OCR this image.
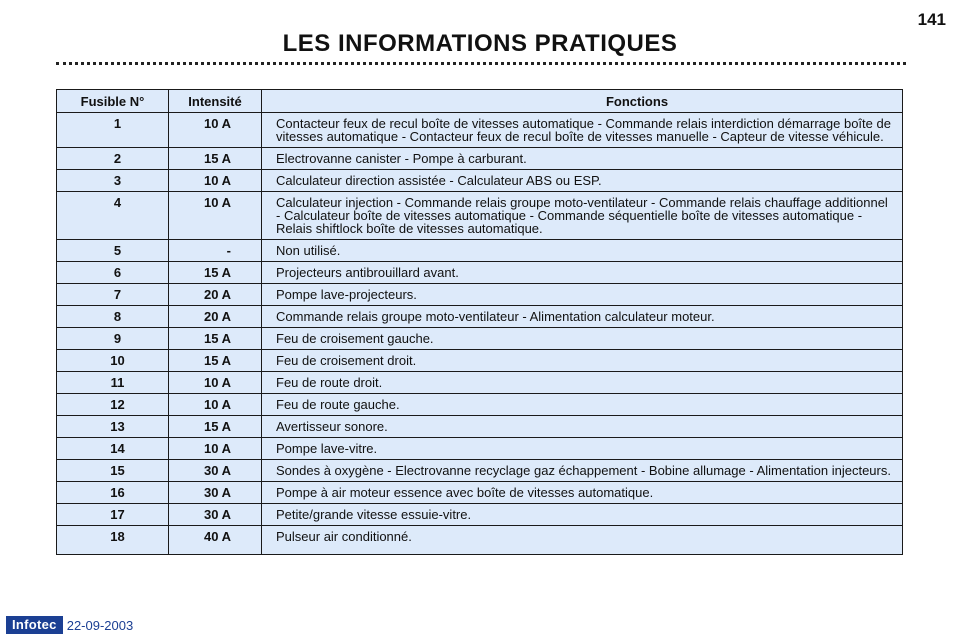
141
LES INFORMATIONS PRATIQUES
Fusible N°	Intensité	Fonctions
1	10 A	Contacteur feux de recul boîte de vitesses automatique - Commande relais interdiction démarrage boîte de vitesses automatique - Contacteur feux de recul boîte de vitesses manuelle - Capteur de vitesse véhicule.
2	15 A	Electrovanne canister - Pompe à carburant.
3	10 A	Calculateur direction assistée - Calculateur ABS ou ESP.
4	10 A	Calculateur injection - Commande relais groupe moto-ventilateur - Commande relais chauffage additionnel - Calculateur boîte de vitesses automatique - Commande séquentielle boîte de vitesses automatique - Relais shiftlock boîte de vitesses automatique.
5	-	Non utilisé.
6	15 A	Projecteurs antibrouillard avant.
7	20 A	Pompe lave-projecteurs.
8	20 A	Commande relais groupe moto-ventilateur - Alimentation calculateur moteur.
9	15 A	Feu de croisement gauche.
10	15 A	Feu de croisement droit.
11	10 A	Feu de route droit.
12	10 A	Feu de route gauche.
13	15 A	Avertisseur sonore.
14	10 A	Pompe lave-vitre.
15	30 A	Sondes à oxygène - Electrovanne recyclage gaz échappement - Bobine allumage - Alimentation injecteurs.
16	30 A	Pompe à air moteur essence avec boîte de vitesses automatique.
17	30 A	Petite/grande vitesse essuie-vitre.
18	40 A	Pulseur air conditionné.
Infotec 22-09-2003
